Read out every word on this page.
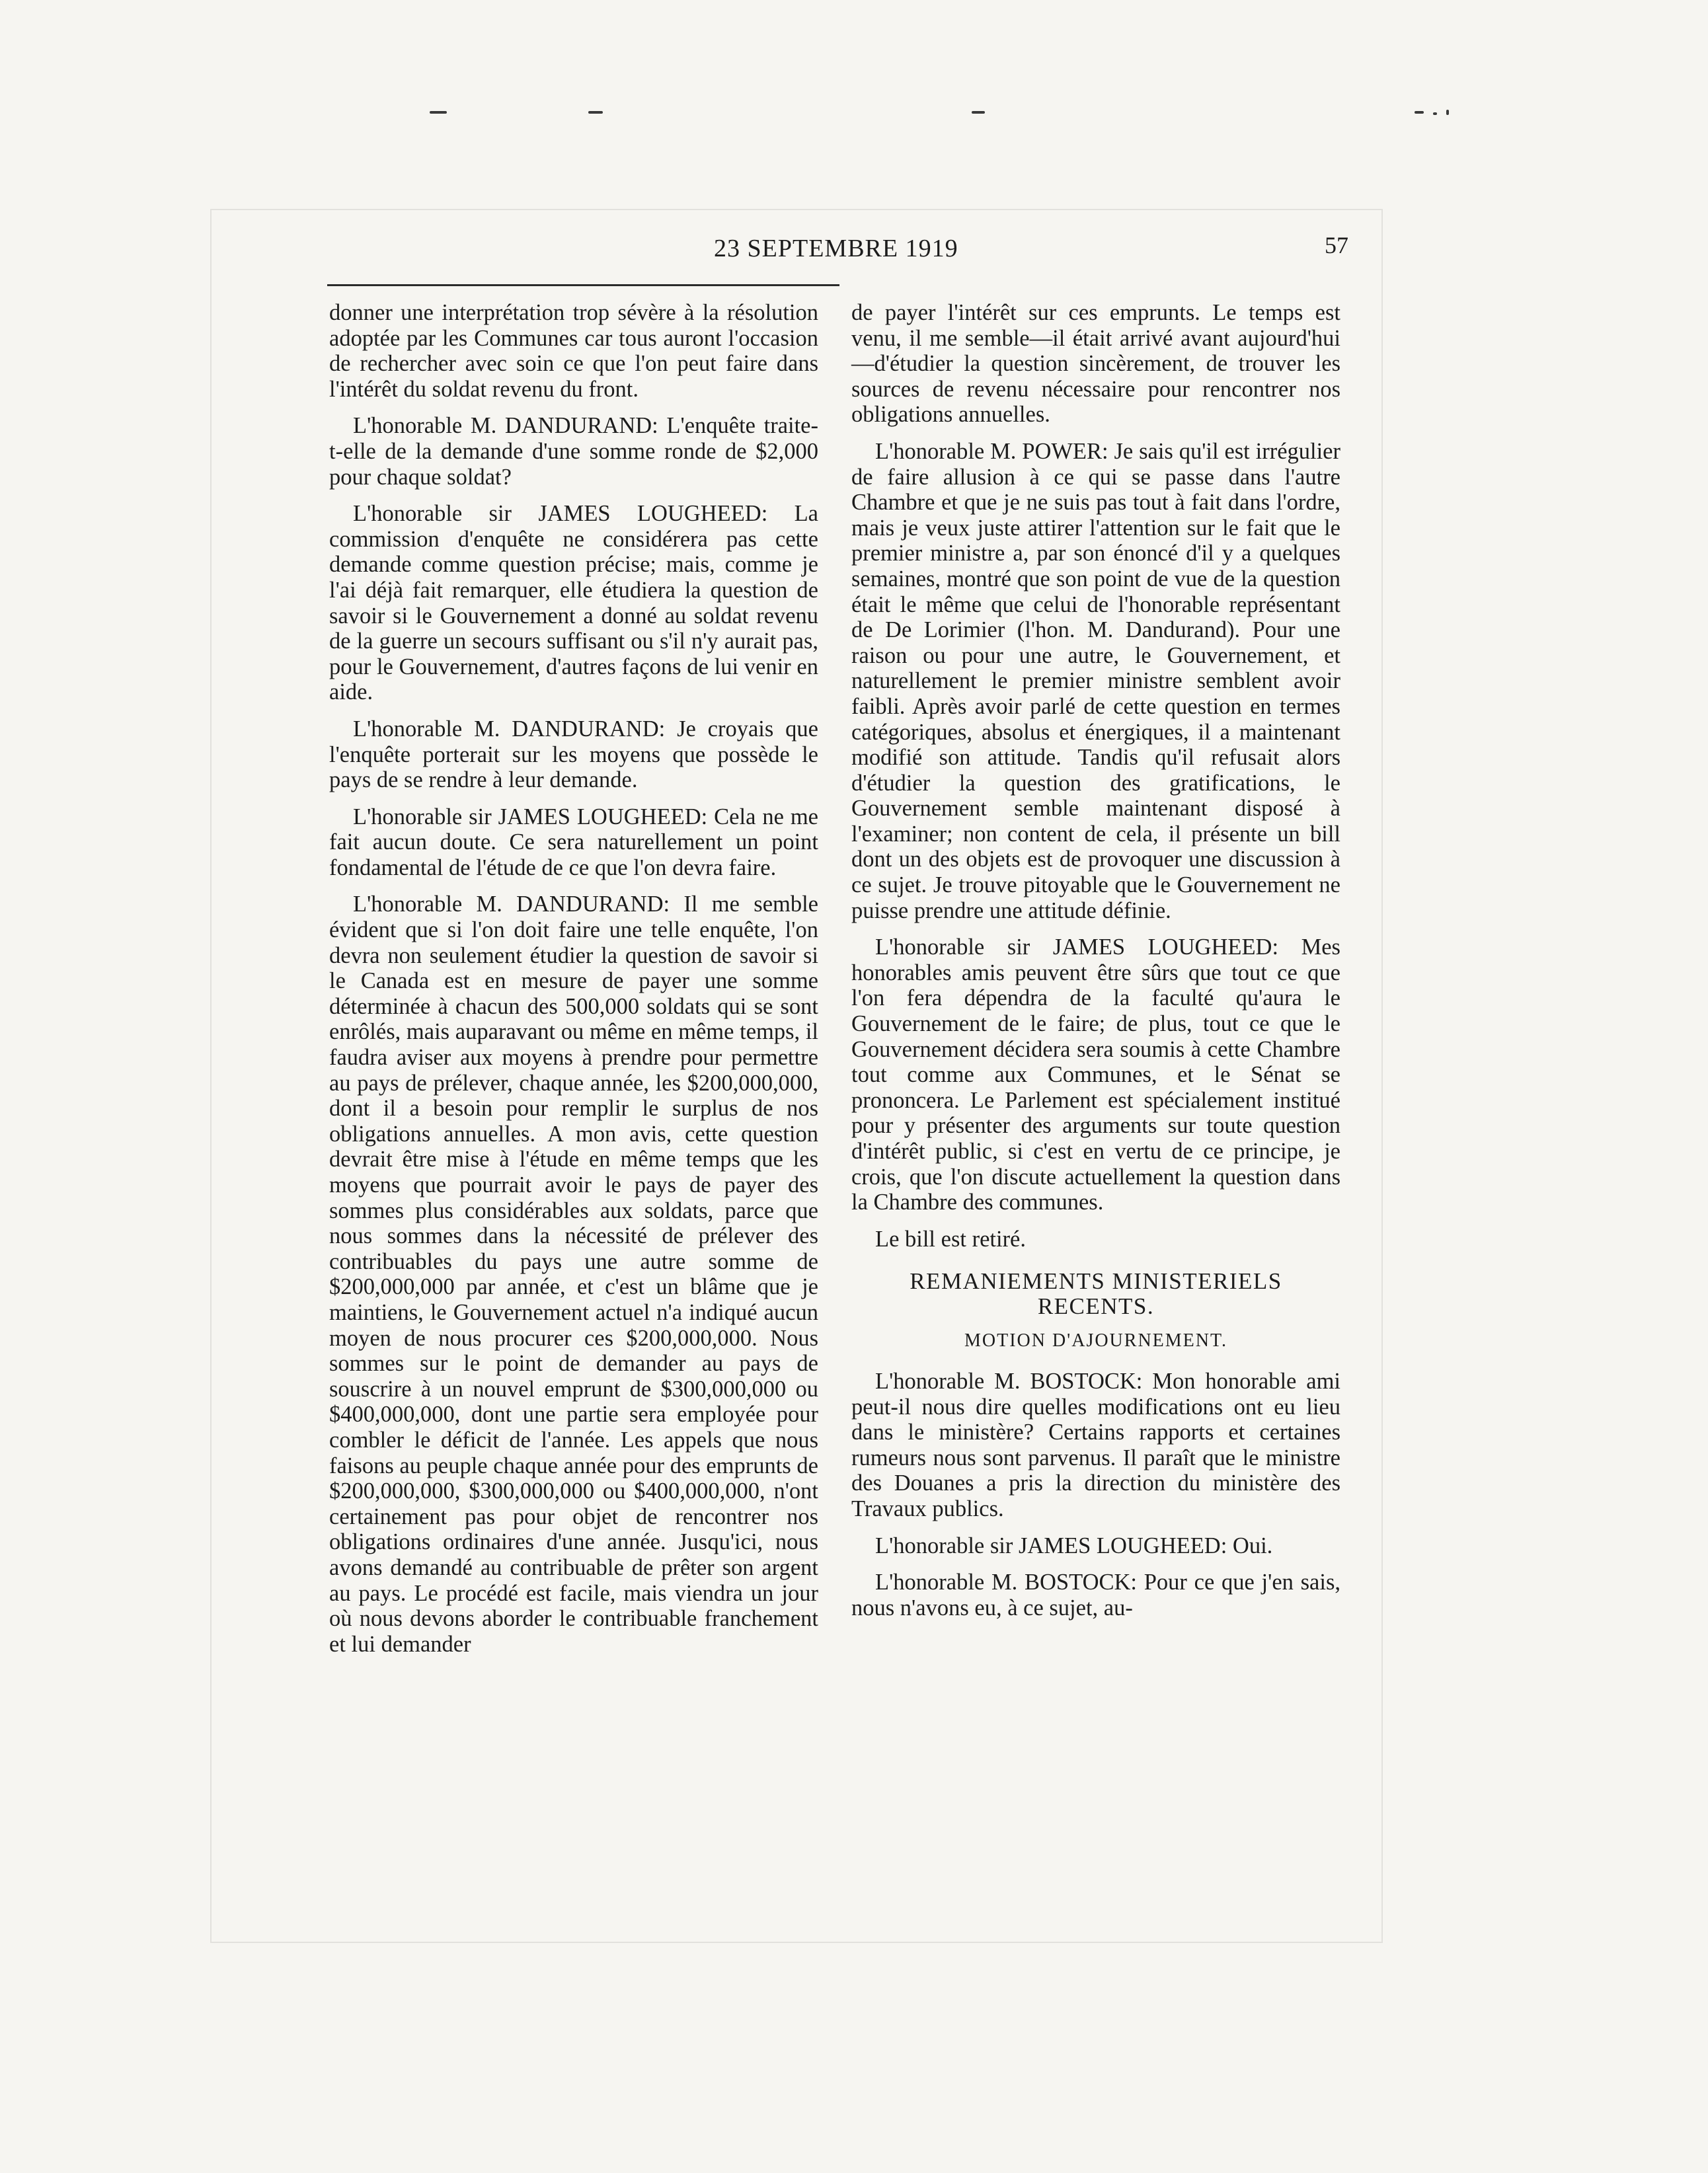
23 SEPTEMBRE 1919	57

donner une interprétation trop sévère à la résolution adoptée par les Communes car tous auront l'occasion de rechercher avec soin ce que l'on peut faire dans l'intérêt du soldat revenu du front.

L'honorable M. DANDURAND: L'enquête traite-t-elle de la demande d'une somme ronde de $2,000 pour chaque soldat?

L'honorable sir JAMES LOUGHEED: La commission d'enquête ne considérera pas cette demande comme question précise; mais, comme je l'ai déjà fait remarquer, elle étudiera la question de savoir si le Gouvernement a donné au soldat revenu de la guerre un secours suffisant ou s'il n'y aurait pas, pour le Gouvernement, d'autres façons de lui venir en aide.

L'honorable M. DANDURAND: Je croyais que l'enquête porterait sur les moyens que possède le pays de se rendre à leur demande.

L'honorable sir JAMES LOUGHEED: Cela ne me fait aucun doute. Ce sera naturellement un point fondamental de l'étude de ce que l'on devra faire.

L'honorable M. DANDURAND: Il me semble évident que si l'on doit faire une telle enquête, l'on devra non seulement étudier la question de savoir si le Canada est en mesure de payer une somme déterminée à chacun des 500,000 soldats qui se sont enrôlés, mais auparavant ou même en même temps, il faudra aviser aux moyens à prendre pour permettre au pays de prélever, chaque année, les $200,000,000, dont il a besoin pour remplir le surplus de nos obligations annuelles. A mon avis, cette question devrait être mise à l'étude en même temps que les moyens que pourrait avoir le pays de payer des sommes plus considérables aux soldats, parce que nous sommes dans la nécessité de prélever des contribuables du pays une autre somme de $200,000,000 par année, et c'est un blâme que je maintiens, le Gouvernement actuel n'a indiqué aucun moyen de nous procurer ces $200,000,000. Nous sommes sur le point de demander au pays de souscrire à un nouvel emprunt de $300,000,000 ou $400,000,000, dont une partie sera employée pour combler le déficit de l'année. Les appels que nous faisons au peuple chaque année pour des emprunts de $200,000,000, $300,000,000 ou $400,000,000, n'ont certainement pas pour objet de rencontrer nos obligations ordinaires d'une année. Jusqu'ici, nous avons demandé au contribuable de prêter son argent au pays. Le procédé est facile, mais viendra un jour où nous devons aborder le contribuable franchement et lui demander

de payer l'intérêt sur ces emprunts. Le temps est venu, il me semble—il était arrivé avant aujourd'hui—d'étudier la question sincèrement, de trouver les sources de revenu nécessaire pour rencontrer nos obligations annuelles.

L'honorable M. POWER: Je sais qu'il est irrégulier de faire allusion à ce qui se passe dans l'autre Chambre et que je ne suis pas tout à fait dans l'ordre, mais je veux juste attirer l'attention sur le fait que le premier ministre a, par son énoncé d'il y a quelques semaines, montré que son point de vue de la question était le même que celui de l'honorable représentant de De Lorimier (l'hon. M. Dandurand). Pour une raison ou pour une autre, le Gouvernement, et naturellement le premier ministre semblent avoir faibli. Après avoir parlé de cette question en termes catégoriques, absolus et énergiques, il a maintenant modifié son attitude. Tandis qu'il refusait alors d'étudier la question des gratifications, le Gouvernement semble maintenant disposé à l'examiner; non content de cela, il présente un bill dont un des objets est de provoquer une discussion à ce sujet. Je trouve pitoyable que le Gouvernement ne puisse prendre une attitude définie.

L'honorable sir JAMES LOUGHEED: Mes honorables amis peuvent être sûrs que tout ce que l'on fera dépendra de la faculté qu'aura le Gouvernement de le faire; de plus, tout ce que le Gouvernement décidera sera soumis à cette Chambre tout comme aux Communes, et le Sénat se prononcera. Le Parlement est spécialement institué pour y présenter des arguments sur toute question d'intérêt public, si c'est en vertu de ce principe, je crois, que l'on discute actuellement la question dans la Chambre des communes.

Le bill est retiré.

REMANIEMENTS MINISTERIELS RECENTS.
MOTION D'AJOURNEMENT.

L'honorable M. BOSTOCK: Mon honorable ami peut-il nous dire quelles modifications ont eu lieu dans le ministère? Certains rapports et certaines rumeurs nous sont parvenus. Il paraît que le ministre des Douanes a pris la direction du ministère des Travaux publics.

L'honorable sir JAMES LOUGHEED: Oui.

L'honorable M. BOSTOCK: Pour ce que j'en sais, nous n'avons eu, à ce sujet, au-
